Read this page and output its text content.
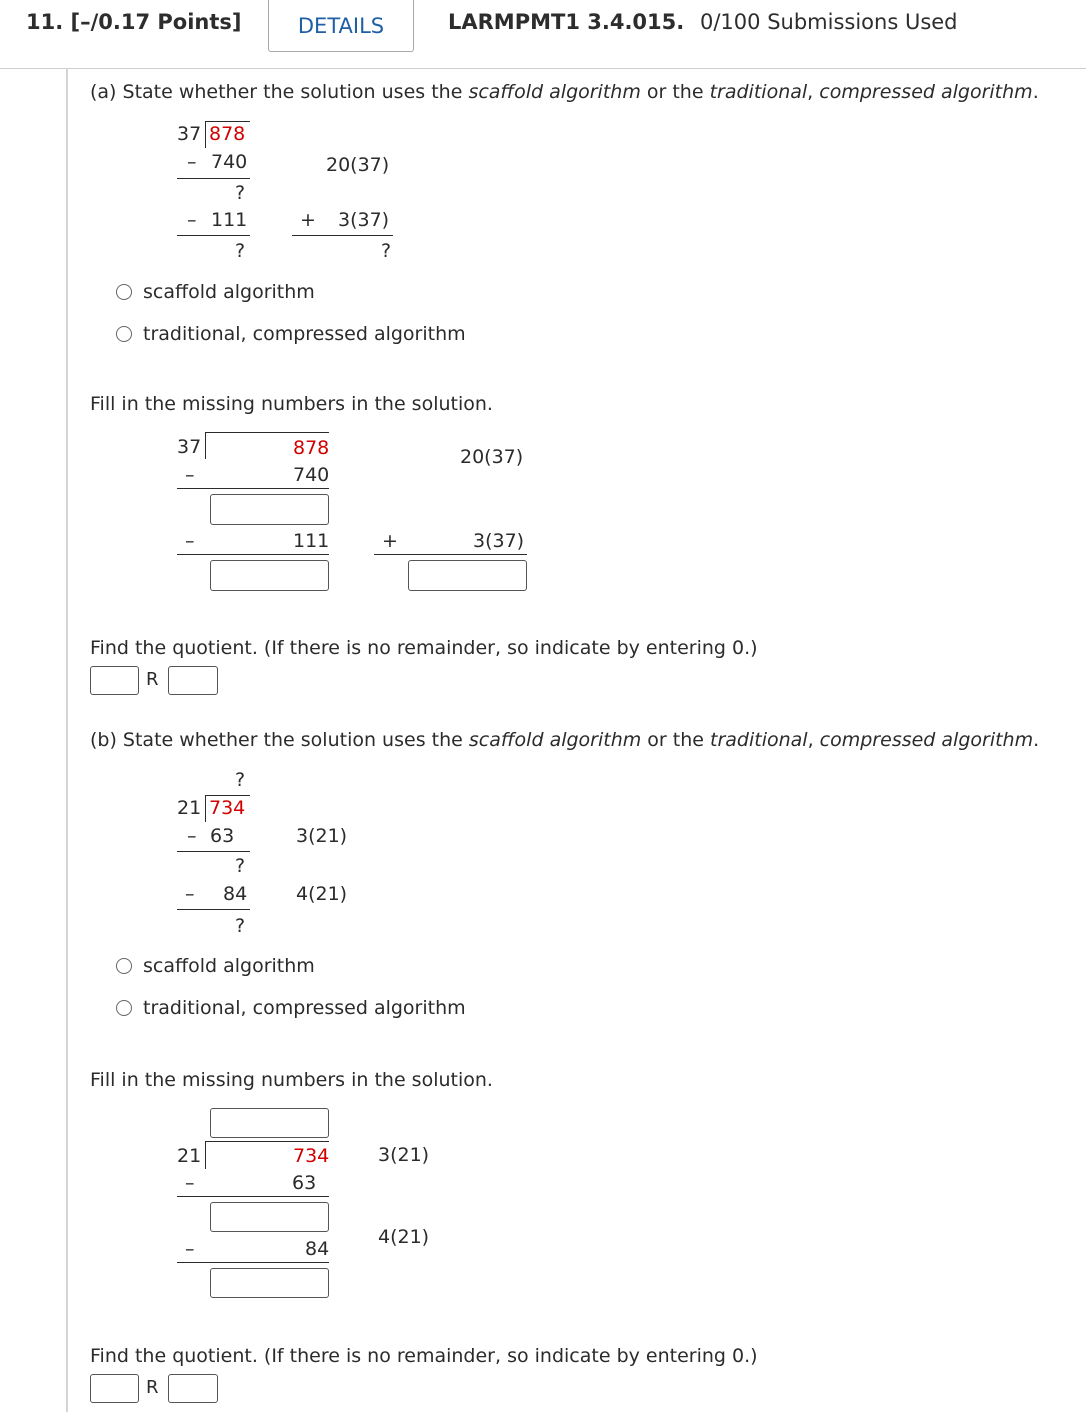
11. [–/0.17 Points]	DETAILS	LARMPMT1 3.4.015. 0/100 Submissions Used
(a) State whether the solution uses the scaffold algorithm or the traditional, compressed algorithm.
37 878
– 740	20(37)
?
– 111	+ 3(37)
?	?
scaffold algorithm
traditional, compressed algorithm
Fill in the missing numbers in the solution.
37	878	20(37)
–	740
–	111	+	3(37)
Find the quotient. (If there is no remainder, so indicate by entering 0.)
R
(b) State whether the solution uses the scaffold algorithm or the traditional, compressed algorithm.
?
21 734
– 63	3(21)
?
– 84	4(21)
?
scaffold algorithm
traditional, compressed algorithm
Fill in the missing numbers in the solution.
21	734	3(21)
–	63
4(21)
–	84
Find the quotient. (If there is no remainder, so indicate by entering 0.)
R
